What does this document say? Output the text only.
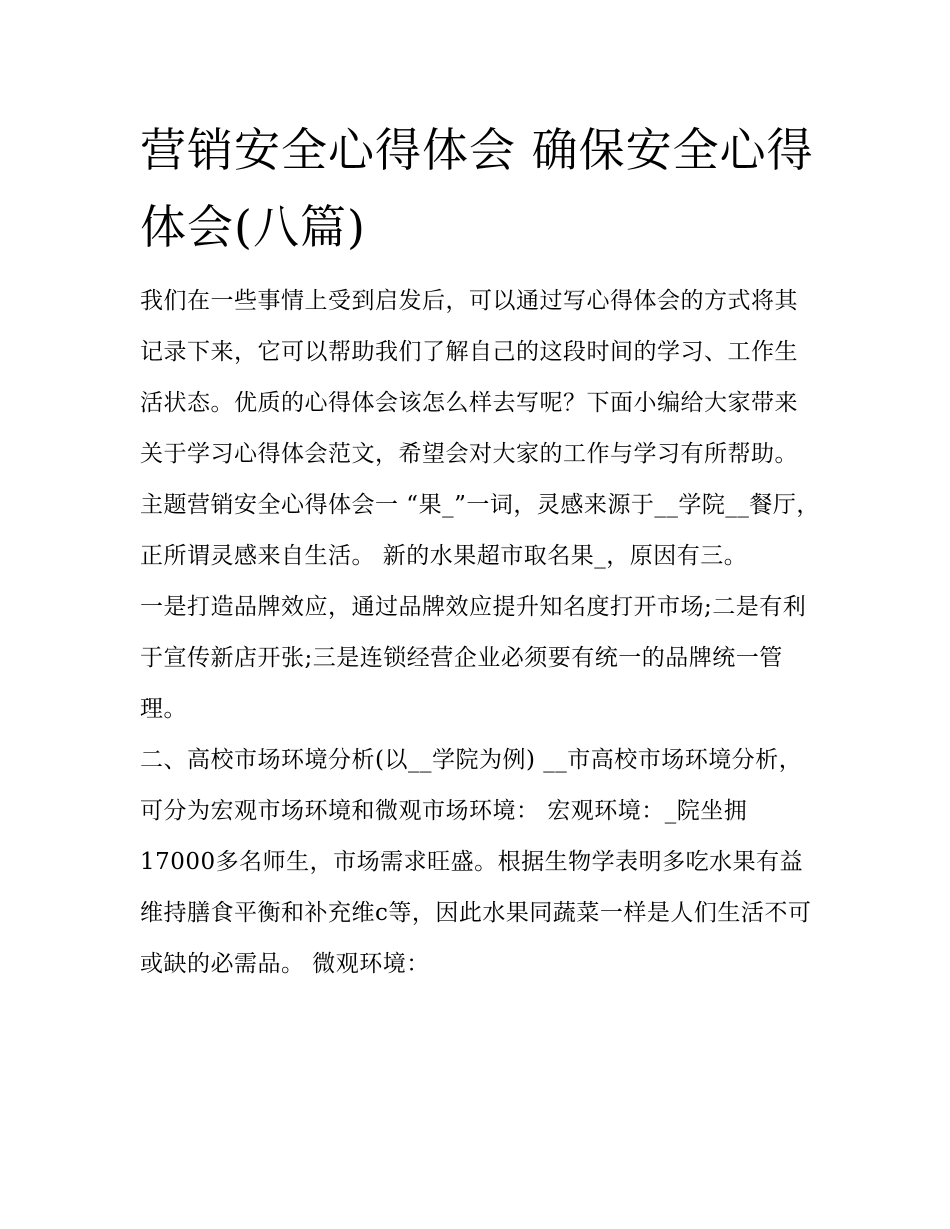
营销安全心得体会 确保安全心得体会(八篇)

我们在一些事情上受到启发后，可以通过写心得体会的方式将其记录下来，它可以帮助我们了解自己的这段时间的学习、工作生活状态。优质的心得体会该怎么样去写呢？下面小编给大家带来关于学习心得体会范文，希望会对大家的工作与学习有所帮助。

主题营销安全心得体会一 “果_”一词，灵感来源于__学院__餐厅，正所谓灵感来自生活。 新的水果超市取名果_，原因有三。

一是打造品牌效应，通过品牌效应提升知名度打开市场;二是有利于宣传新店开张;三是连锁经营企业必须要有统一的品牌统一管理。

二、高校市场环境分析(以__学院为例) __市高校市场环境分析，可分为宏观市场环境和微观市场环境： 宏观环境：_院坐拥17000多名师生，市场需求旺盛。根据生物学表明多吃水果有益维持膳食平衡和补充维c等，因此水果同蔬菜一样是人们生活不可或缺的必需品。 微观环境：
